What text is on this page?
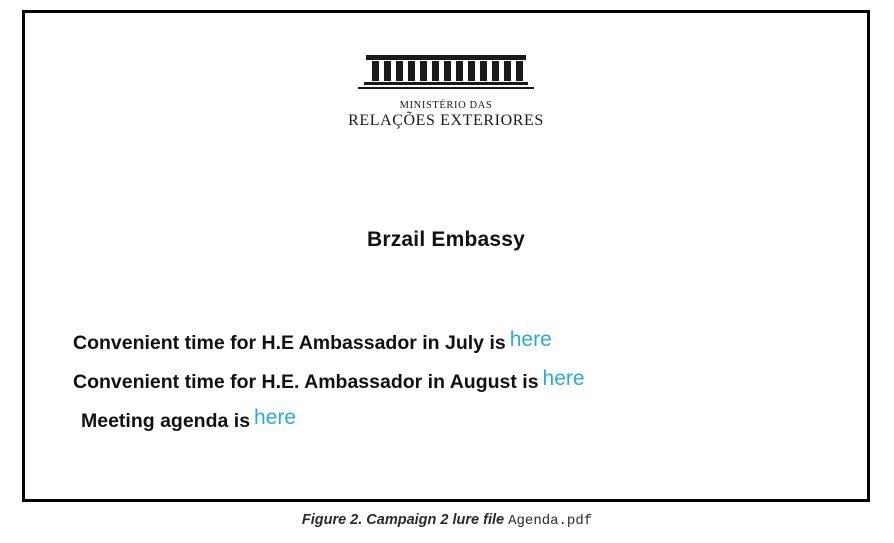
MINISTÉRIO DAS
RELAÇÕES EXTERIORES
Brzail Embassy
Convenient time for H.E Ambassador in July is here
Convenient time for H.E. Ambassador in August is here
Meeting agenda is here
Figure 2. Campaign 2 lure file Agenda.pdf
